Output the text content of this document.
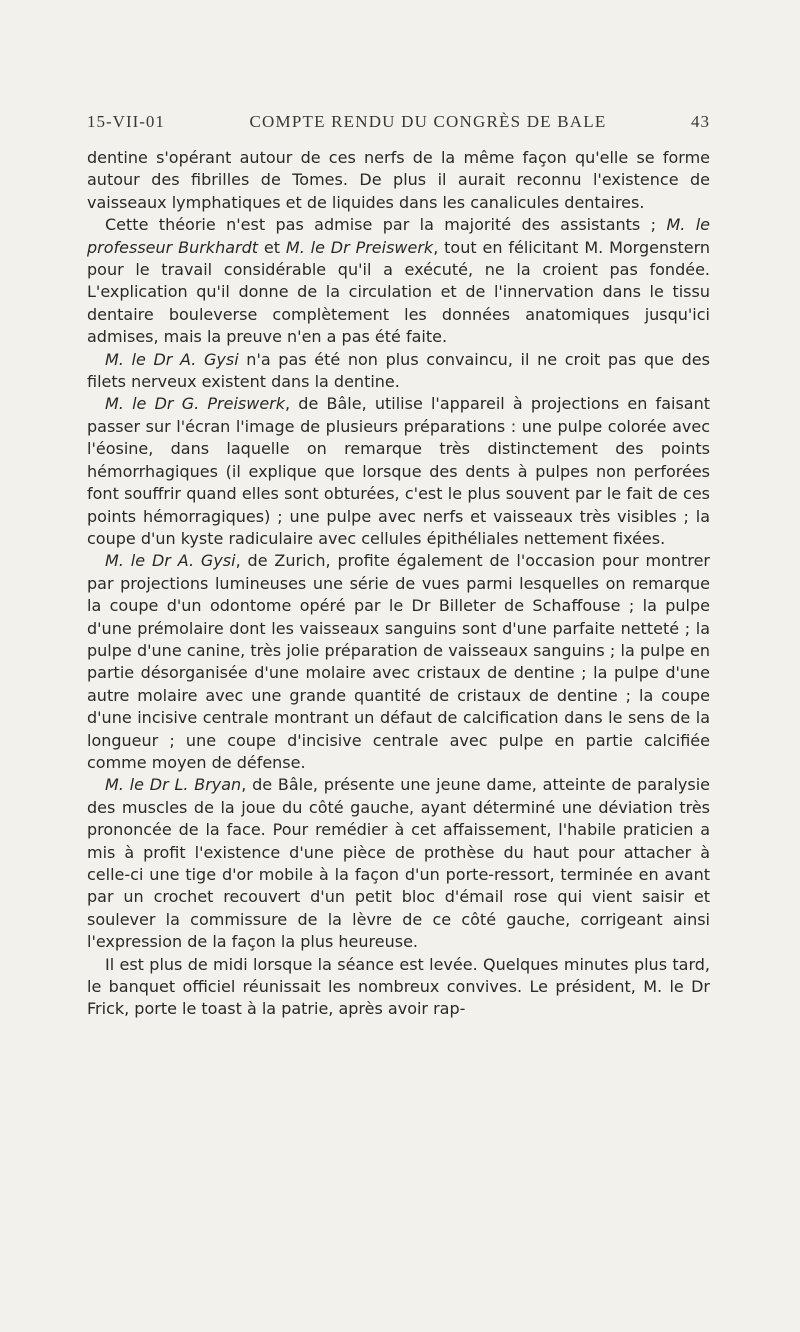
15-VII-01	COMPTE RENDU DU CONGRÈS DE BALE	43

dentine s'opérant autour de ces nerfs de la même façon qu'elle se forme autour des fibrilles de Tomes. De plus il aurait reconnu l'existence de vaisseaux lymphatiques et de liquides dans les canalicules dentaires.

Cette théorie n'est pas admise par la majorité des assistants ; M. le professeur Burkhardt et M. le Dr Preiswerk, tout en félicitant M. Morgenstern pour le travail considérable qu'il a exécuté, ne la croient pas fondée. L'explication qu'il donne de la circulation et de l'innervation dans le tissu dentaire bouleverse complètement les données anatomiques jusqu'ici admises, mais la preuve n'en a pas été faite.

M. le Dr A. Gysi n'a pas été non plus convaincu, il ne croit pas que des filets nerveux existent dans la dentine.

M. le Dr G. Preiswerk, de Bâle, utilise l'appareil à projections en faisant passer sur l'écran l'image de plusieurs préparations : une pulpe colorée avec l'éosine, dans laquelle on remarque très distinctement des points hémorrhagiques (il explique que lorsque des dents à pulpes non perforées font souffrir quand elles sont obturées, c'est le plus souvent par le fait de ces points hémorragiques) ; une pulpe avec nerfs et vaisseaux très visibles ; la coupe d'un kyste radiculaire avec cellules épithéliales nettement fixées.

M. le Dr A. Gysi, de Zurich, profite également de l'occasion pour montrer par projections lumineuses une série de vues parmi lesquelles on remarque la coupe d'un odontome opéré par le Dr Billeter de Schaffouse ; la pulpe d'une prémolaire dont les vaisseaux sanguins sont d'une parfaite netteté ; la pulpe d'une canine, très jolie préparation de vaisseaux sanguins ; la pulpe en partie désorganisée d'une molaire avec cristaux de dentine ; la pulpe d'une autre molaire avec une grande quantité de cristaux de dentine ; la coupe d'une incisive centrale montrant un défaut de calcification dans le sens de la longueur ; une coupe d'incisive centrale avec pulpe en partie calcifiée comme moyen de défense.

M. le Dr L. Bryan, de Bâle, présente une jeune dame, atteinte de paralysie des muscles de la joue du côté gauche, ayant déterminé une déviation très prononcée de la face. Pour remédier à cet affaissement, l'habile praticien a mis à profit l'existence d'une pièce de prothèse du haut pour attacher à celle-ci une tige d'or mobile à la façon d'un porte-ressort, terminée en avant par un crochet recouvert d'un petit bloc d'émail rose qui vient saisir et soulever la commissure de la lèvre de ce côté gauche, corrigeant ainsi l'expression de la façon la plus heureuse.

Il est plus de midi lorsque la séance est levée. Quelques minutes plus tard, le banquet officiel réunissait les nombreux convives. Le président, M. le Dr Frick, porte le toast à la patrie, après avoir rap-
